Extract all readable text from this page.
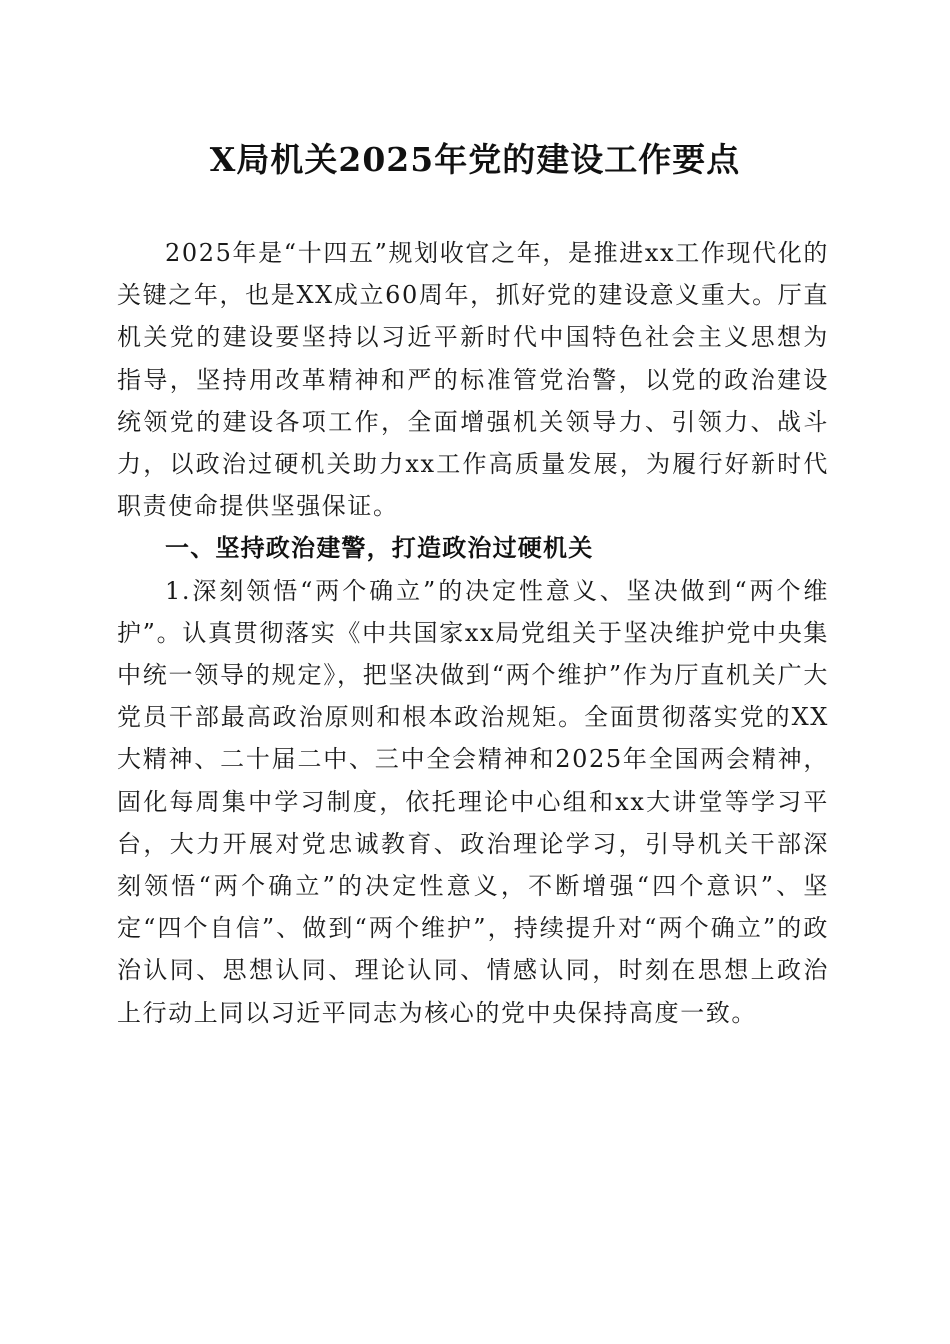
X局机关2025年党的建设工作要点

2025年是“十四五”规划收官之年，是推进xx工作现代化的关键之年，也是XX成立60周年，抓好党的建设意义重大。厅直机关党的建设要坚持以习近平新时代中国特色社会主义思想为指导，坚持用改革精神和严的标准管党治警，以党的政治建设统领党的建设各项工作，全面增强机关领导力、引领力、战斗力，以政治过硬机关助力xx工作高质量发展，为履行好新时代职责使命提供坚强保证。

一、坚持政治建警，打造政治过硬机关

1.深刻领悟“两个确立”的决定性意义、坚决做到“两个维护”。认真贯彻落实《中共国家xx局党组关于坚决维护党中央集中统一领导的规定》，把坚决做到“两个维护”作为厅直机关广大党员干部最高政治原则和根本政治规矩。全面贯彻落实党的XX大精神、二十届二中、三中全会精神和2025年全国两会精神，固化每周集中学习制度，依托理论中心组和xx大讲堂等学习平台，大力开展对党忠诚教育、政治理论学习，引导机关干部深刻领悟“两个确立”的决定性意义，不断增强“四个意识”、坚定“四个自信”、做到“两个维护”，持续提升对“两个确立”的政治认同、思想认同、理论认同、情感认同，时刻在思想上政治上行动上同以习近平同志为核心的党中央保持高度一致。
